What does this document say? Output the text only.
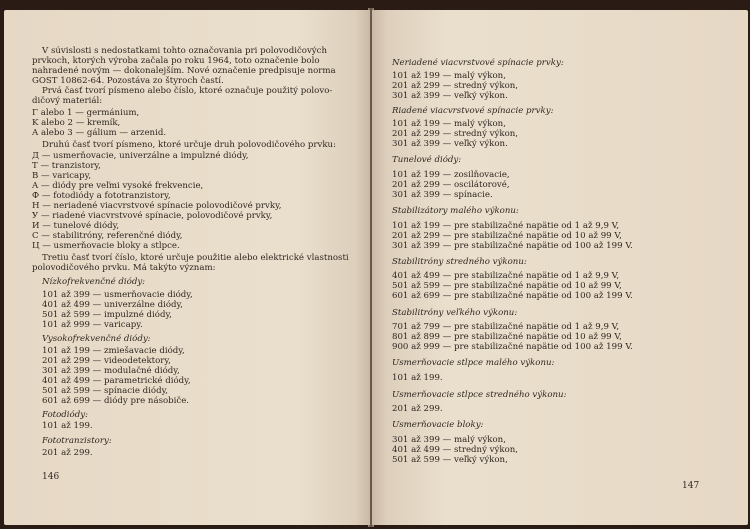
V súvislosti s nedostatkami tohto označovania pri polovodičových
prvkoch, ktorých výroba začala po roku 1964, toto označenie bolo
nahradené novým — dokonalejším. Nové označenie predpisuje norma
GOST 10862-64. Pozostáva zo štyroch častí.
Prvá časť tvorí písmeno alebo číslo, ktoré označuje použitý polovo-
dičový materiál:
Γ alebo 1 — germánium,
K alebo 2 — kremík,
A alebo 3 — gálium — arzenid.
Druhú časť tvorí písmeno, ktoré určuje druh polovodičového prvku:
Д — usmerňovacie, univerzálne a impulzné diódy,
T — tranzistory,
B — varicapy,
A — diódy pre veľmi vysoké frekvencie,
Ф — fotodiódy a fototranzistory,
H — neriadené viacvrstvové spínacie polovodičové prvky,
У — riadené viacvrstvové spínacie, polovodičové prvky,
И — tunelové diódy,
C — stabilitróny, referenčné diódy,
Ц — usmerňovacie bloky a stlpce.
Tretiu časť tvorí číslo, ktoré určuje použitie alebo elektrické vlastnosti
polovodičového prvku. Má takýto význam:
Nízkofrekvenčné diódy:
101 až 399 — usmerňovacie diódy,
401 až 499 — univerzálne diódy,
501 až 599 — impulzné diódy,
101 až 999 — varicapy.
Vysokofrekvenčné diódy:
101 až 199 — zmiešavacie diódy,
201 až 299 — videodetektory,
301 až 399 — modulačné diódy,
401 až 499 — parametrické diódy,
501 až 599 — spínacie diódy,
601 až 699 — diódy pre násobiče.
Fotodiódy:
101 až 199.
Fototranzistory:
201 až 299.
146
Neriadené viacvrstvové spínacie prvky:
101 až 199 — malý výkon,
201 až 299 — stredný výkon,
301 až 399 — veľký výkon.
Riadené viacvrstvové spínacie prvky:
101 až 199 — malý výkon,
201 až 299 — stredný výkon,
301 až 399 — veľký výkon.
Tunelové diódy:
101 až 199 — zosilňovacie,
201 až 299 — oscilátorové,
301 až 399 — spínacie.
Stabilizátory malého výkonu:
101 až 199 — pre stabilizačné napätie od 1 až 9,9 V,
201 až 299 — pre stabilizačné napätie od 10 až 99 V,
301 až 399 — pre stabilizačné napätie od 100 až 199 V.
Stabilitróny stredného výkonu:
401 až 499 — pre stabilizačné napätie od 1 až 9,9 V,
501 až 599 — pre stabilizačné napätie od 10 až 99 V,
601 až 699 — pre stabilizačné napätie od 100 až 199 V.
Stabilitróny veľkého výkonu:
701 až 799 — pre stabilizačné napätie od 1 až 9,9 V,
801 až 899 — pre stabilizačné napätie od 10 až 99 V,
900 až 999 — pre stabilizačné napätie od 100 až 199 V.
Usmerňovacie stlpce malého výkonu:
101 až 199.
Usmerňovacie stlpce stredného výkonu:
201 až 299.
Usmerňovacie bloky:
301 až 399 — malý výkon,
401 až 499 — stredný výkon,
501 až 599 — veľký výkon,
147
